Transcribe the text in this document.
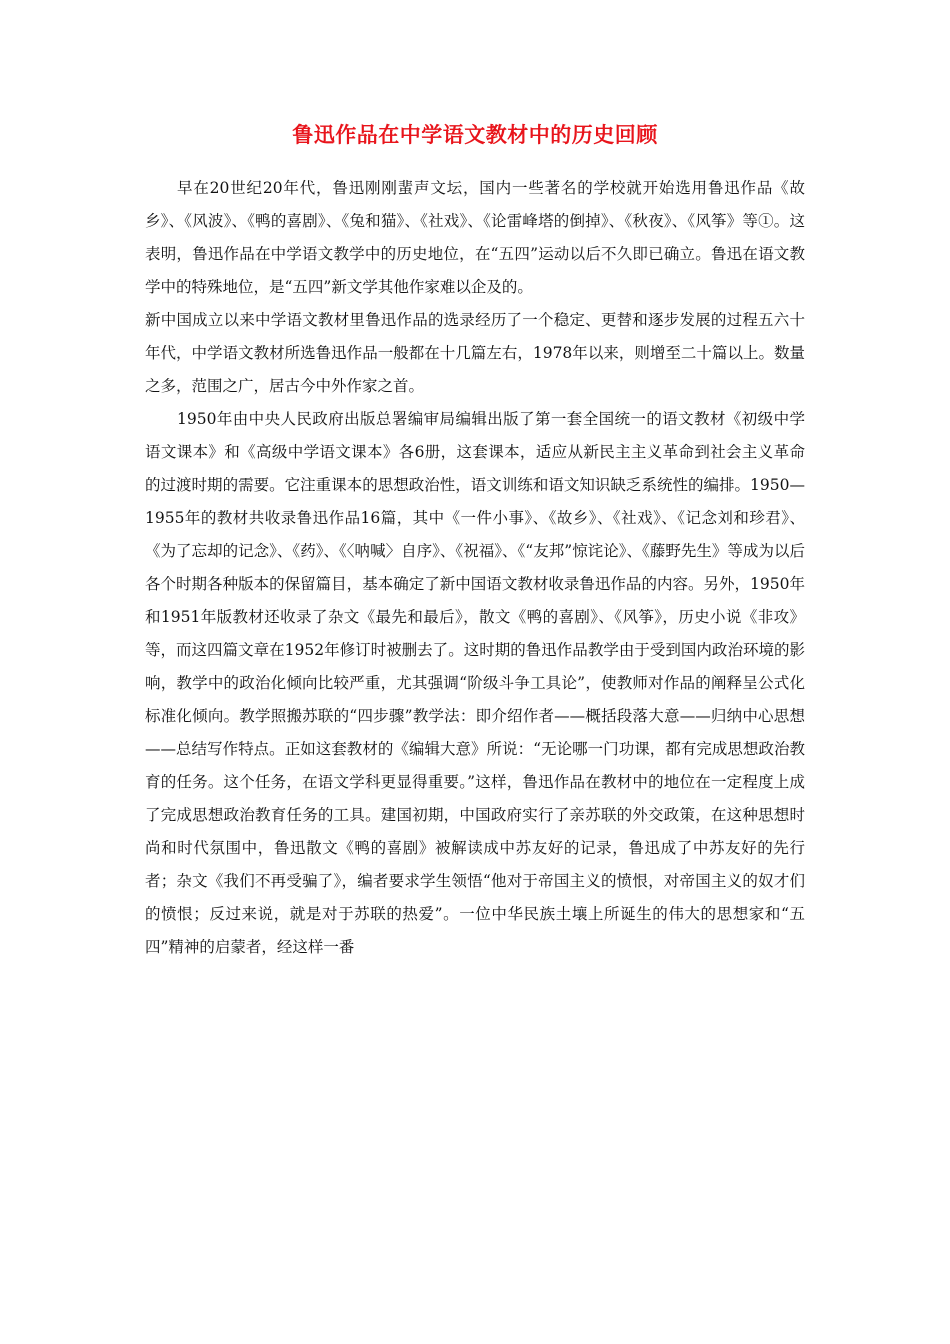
鲁迅作品在中学语文教材中的历史回顾

早在20世纪20年代，鲁迅刚刚蜚声文坛，国内一些著名的学校就开始选用鲁迅作品《故乡》、《风波》、《鸭的喜剧》、《兔和猫》、《社戏》、《论雷峰塔的倒掉》、《秋夜》、《风筝》等①。这表明，鲁迅作品在中学语文教学中的历史地位，在“五四”运动以后不久即已确立。鲁迅在语文教学中的特殊地位，是“五四”新文学其他作家难以企及的。

新中国成立以来中学语文教材里鲁迅作品的选录经历了一个稳定、更替和逐步发展的过程五六十年代，中学语文教材所选鲁迅作品一般都在十几篇左右，1978年以来，则增至二十篇以上。数量之多，范围之广，居古今中外作家之首。

1950年由中央人民政府出版总署编审局编辑出版了第一套全国统一的语文教材《初级中学语文课本》和《高级中学语文课本》各6册，这套课本，适应从新民主主义革命到社会主义革命的过渡时期的需要。它注重课本的思想政治性，语文训练和语文知识缺乏系统性的编排。1950—1955年的教材共收录鲁迅作品16篇，其中《一件小事》、《故乡》、《社戏》、《记念刘和珍君》、《为了忘却的记念》、《药》、《〈呐喊〉自序》、《祝福》、《“友邦”惊诧论》、《藤野先生》等成为以后各个时期各种版本的保留篇目，基本确定了新中国语文教材收录鲁迅作品的内容。另外，1950年和1951年版教材还收录了杂文《最先和最后》，散文《鸭的喜剧》、《风筝》，历史小说《非攻》等，而这四篇文章在1952年修订时被删去了。这时期的鲁迅作品教学由于受到国内政治环境的影响，教学中的政治化倾向比较严重，尤其强调“阶级斗争工具论”，使教师对作品的阐释呈公式化标准化倾向。教学照搬苏联的“四步骤”教学法：即介绍作者——概括段落大意——归纳中心思想——总结写作特点。正如这套教材的《编辑大意》所说：“无论哪一门功课，都有完成思想政治教育的任务。这个任务，在语文学科更显得重要。”这样，鲁迅作品在教材中的地位在一定程度上成了完成思想政治教育任务的工具。建国初期，中国政府实行了亲苏联的外交政策，在这种思想时尚和时代氛围中，鲁迅散文《鸭的喜剧》被解读成中苏友好的记录，鲁迅成了中苏友好的先行者；杂文《我们不再受骗了》，编者要求学生领悟“他对于帝国主义的愤恨，对帝国主义的奴才们的愤恨；反过来说，就是对于苏联的热爱”。一位中华民族土壤上所诞生的伟大的思想家和“五四”精神的启蒙者，经这样一番
